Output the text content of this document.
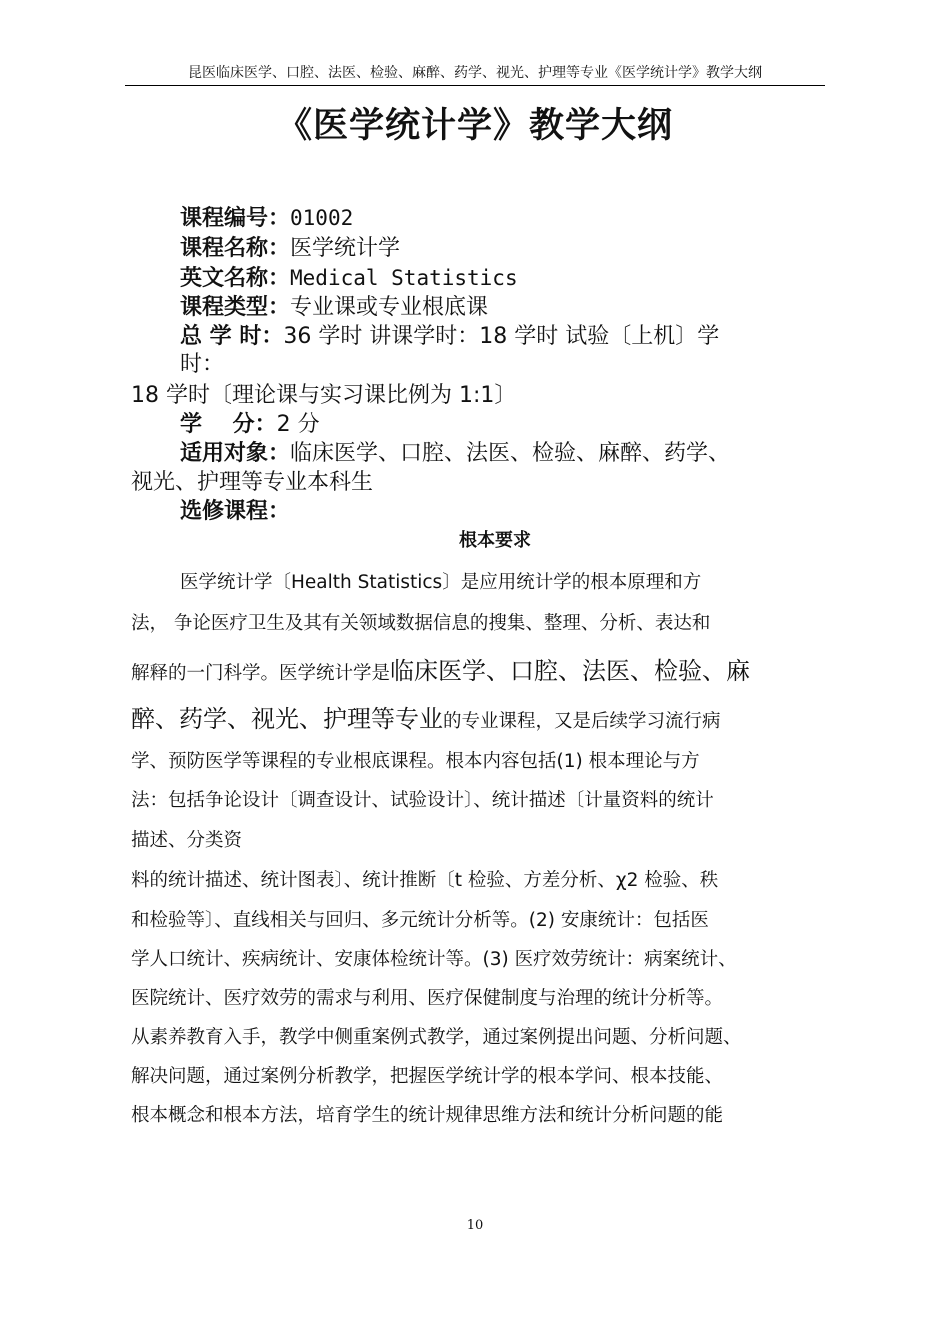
昆医临床医学、口腔、法医、检验、麻醉、药学、视光、护理等专业《医学统计学》教学大纲
《医学统计学》教学大纲
课程编号：01002
课程名称：医学统计学
英文名称：Medical Statistics
课程类型：专业课或专业根底课
总 学 时：36 学时 讲课学时：18 学时 试验〔上机〕学
时：
18 学时〔理论课与实习课比例为 1:1〕
学    分：2 分
适用对象：临床医学、口腔、法医、检验、麻醉、药学、
视光、护理等专业本科生
选修课程：
根本要求
医学统计学〔Health Statistics〕是应用统计学的根本原理和方
法， 争论医疗卫生及其有关领域数据信息的搜集、整理、分析、表达和
解释的一门科学。医学统计学是临床医学、口腔、法医、检验、麻
醉、药学、视光、护理等专业的专业课程，又是后续学习流行病
学、预防医学等课程的专业根底课程。根本内容包括(1) 根本理论与方
法：包括争论设计〔调查设计、试验设计〕、统计描述〔计量资料的统计
描述、分类资
料的统计描述、统计图表〕、统计推断〔t 检验、方差分析、χ2 检验、秩
和检验等〕、直线相关与回归、多元统计分析等。(2) 安康统计：包括医
学人口统计、疾病统计、安康体检统计等。(3) 医疗效劳统计：病案统计、
医院统计、医疗效劳的需求与利用、医疗保健制度与治理的统计分析等。
从素养教育入手，教学中侧重案例式教学，通过案例提出问题、分析问题、
解决问题，通过案例分析教学，把握医学统计学的根本学问、根本技能、
根本概念和根本方法，培育学生的统计规律思维方法和统计分析问题的能
10
